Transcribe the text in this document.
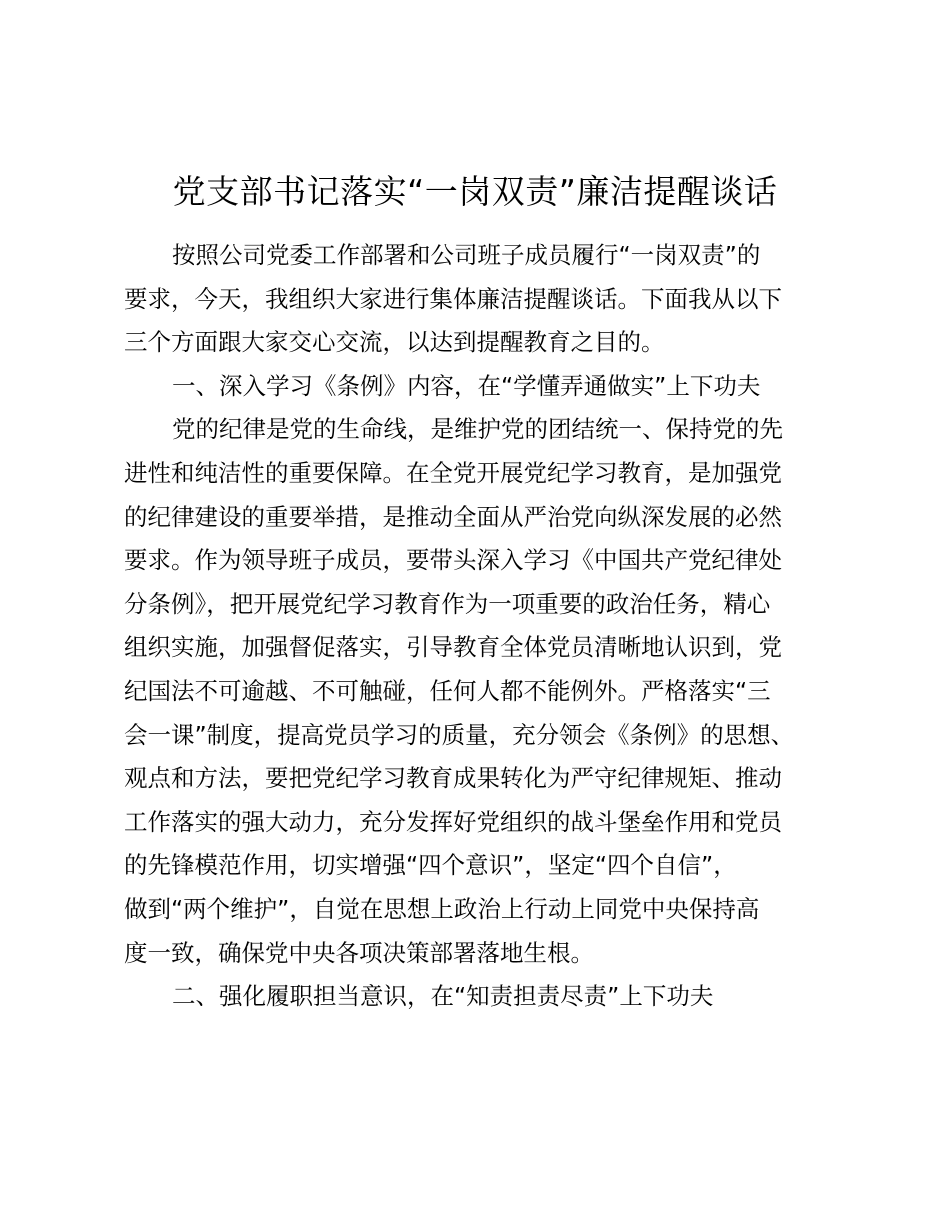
党支部书记落实“一岗双责”廉洁提醒谈话
按照公司党委工作部署和公司班子成员履行“一岗双责”的
要求，今天，我组织大家进行集体廉洁提醒谈话。下面我从以下
三个方面跟大家交心交流，以达到提醒教育之目的。
一、深入学习《条例》内容，在“学懂弄通做实”上下功夫
党的纪律是党的生命线，是维护党的团结统一、保持党的先
进性和纯洁性的重要保障。在全党开展党纪学习教育，是加强党
的纪律建设的重要举措，是推动全面从严治党向纵深发展的必然
要求。作为领导班子成员，要带头深入学习《中国共产党纪律处
分条例》，把开展党纪学习教育作为一项重要的政治任务，精心
组织实施，加强督促落实，引导教育全体党员清晰地认识到，党
纪国法不可逾越、不可触碰，任何人都不能例外。严格落实“三
会一课”制度，提高党员学习的质量，充分领会《条例》的思想、
观点和方法，要把党纪学习教育成果转化为严守纪律规矩、推动
工作落实的强大动力，充分发挥好党组织的战斗堡垒作用和党员
的先锋模范作用，切实增强“四个意识”，坚定“四个自信”，
做到“两个维护”，自觉在思想上政治上行动上同党中央保持高
度一致，确保党中央各项决策部署落地生根。
二、强化履职担当意识，在“知责担责尽责”上下功夫
